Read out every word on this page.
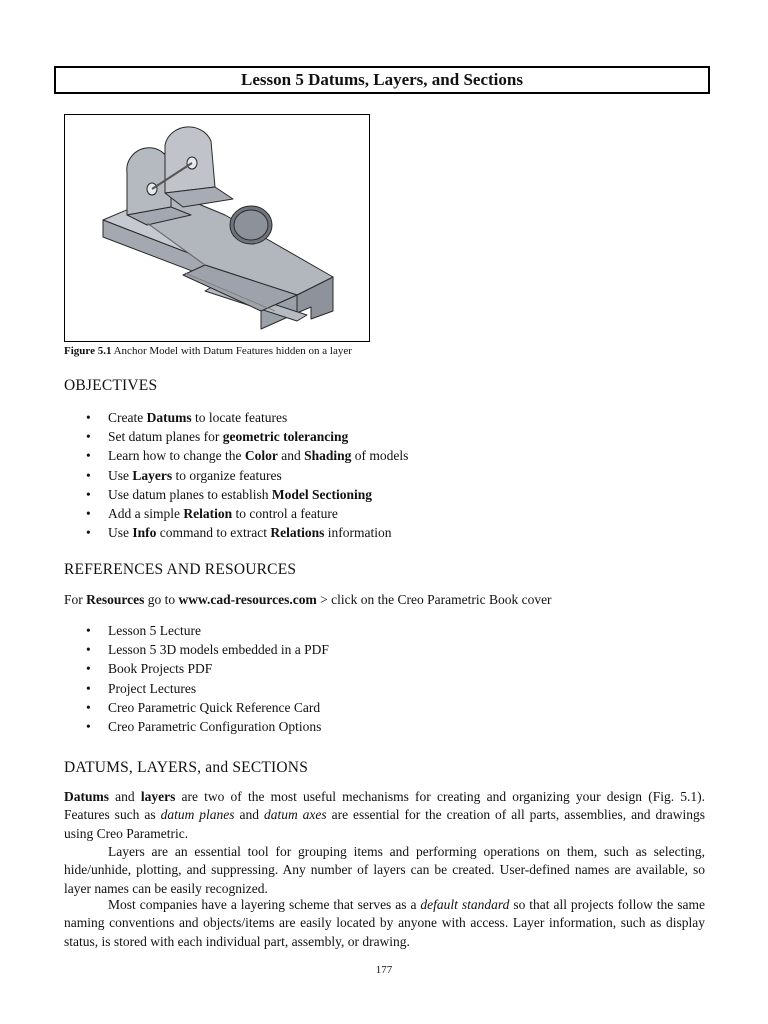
Lesson 5 Datums, Layers, and Sections
Figure 5.1 Anchor Model with Datum Features hidden on a layer
OBJECTIVES
• Create Datums to locate features
• Set datum planes for geometric tolerancing
• Learn how to change the Color and Shading of models
• Use Layers to organize features
• Use datum planes to establish Model Sectioning
• Add a simple Relation to control a feature
• Use Info command to extract Relations information
REFERENCES AND RESOURCES

For Resources go to www.cad-resources.com > click on the Creo Parametric Book cover

• Lesson 5 Lecture
• Lesson 5 3D models embedded in a PDF
• Book Projects PDF
• Project Lectures
• Creo Parametric Quick Reference Card
• Creo Parametric Configuration Options
DATUMS, LAYERS, and SECTIONS

Datums and layers are two of the most useful mechanisms for creating and organizing your design (Fig. 5.1). Features such as datum planes and datum axes are essential for the creation of all parts, assemblies, and drawings using Creo Parametric.

Layers are an essential tool for grouping items and performing operations on them, such as selecting, hide/unhide, plotting, and suppressing. Any number of layers can be created. User-defined names are available, so layer names can be easily recognized.

Most companies have a layering scheme that serves as a default standard so that all projects follow the same naming conventions and objects/items are easily located by anyone with access. Layer information, such as display status, is stored with each individual part, assembly, or drawing.

177
